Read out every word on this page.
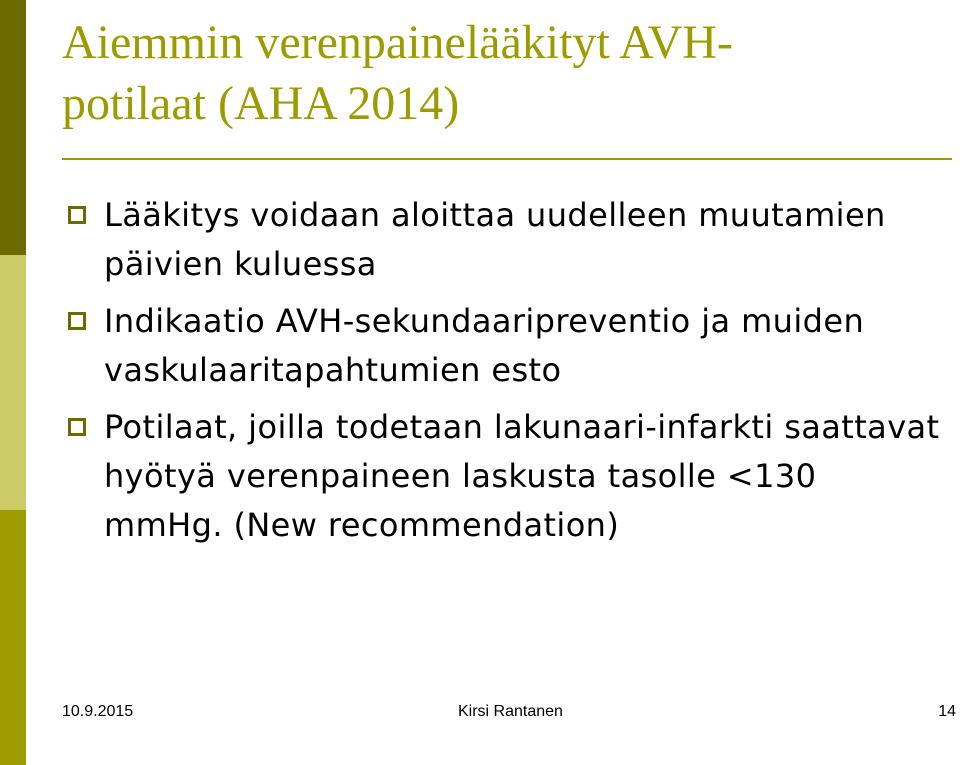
Aiemmin verenpainelääkityt AVH-
potilaat (AHA 2014)
Lääkitys voidaan aloittaa uudelleen muutamien päivien kuluessa
Indikaatio AVH-sekundaaripreventio ja muiden vaskulaaritapahtumien esto
Potilaat, joilla todetaan lakunaari-infarkti saattavat hyötyä verenpaineen laskusta tasolle <130 mmHg. (New recommendation)
10.9.2015	Kirsi Rantanen	14
